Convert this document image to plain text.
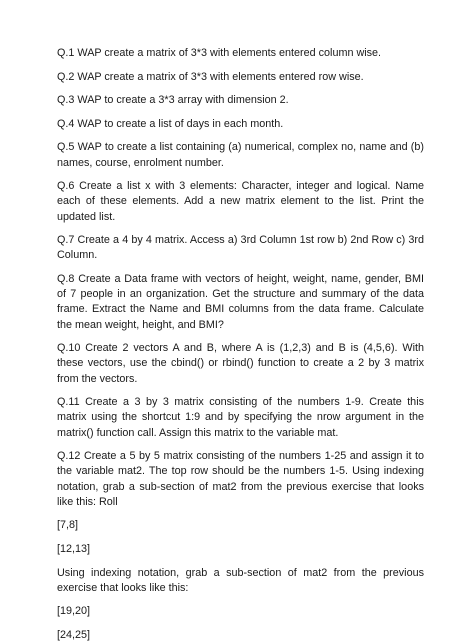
Q.1 WAP create a matrix of 3*3 with elements entered column wise.

Q.2 WAP create a matrix of 3*3 with elements entered row wise.

Q.3 WAP to create a 3*3 array with dimension 2.

Q.4 WAP to create a list of days in each month.

Q.5 WAP to create a list containing (a) numerical, complex no, name and (b) names, course, enrolment number.

Q.6 Create a list x with 3 elements: Character, integer and logical. Name each of these elements. Add a new matrix element to the list. Print the updated list.

Q.7 Create a 4 by 4 matrix. Access a) 3rd Column 1st row b) 2nd Row c) 3rd Column.

Q.8 Create a Data frame with vectors of height, weight, name, gender, BMI of 7 people in an organization. Get the structure and summary of the data frame. Extract the Name and BMI columns from the data frame. Calculate the mean weight, height, and BMI?

Q.10 Create 2 vectors A and B, where A is (1,2,3) and B is (4,5,6). With these vectors, use the cbind() or rbind() function to create a 2 by 3 matrix from the vectors.

Q.11 Create a 3 by 3 matrix consisting of the numbers 1-9. Create this matrix using the shortcut 1:9 and by specifying the nrow argument in the matrix() function call. Assign this matrix to the variable mat.

Q.12 Create a 5 by 5 matrix consisting of the numbers 1-25 and assign it to the variable mat2. The top row should be the numbers 1-5. Using indexing notation, grab a sub-section of mat2 from the previous exercise that looks like this: Roll

[7,8]

[12,13]

Using indexing notation, grab a sub-section of mat2 from the previous exercise that looks like this:

[19,20]

[24,25]
